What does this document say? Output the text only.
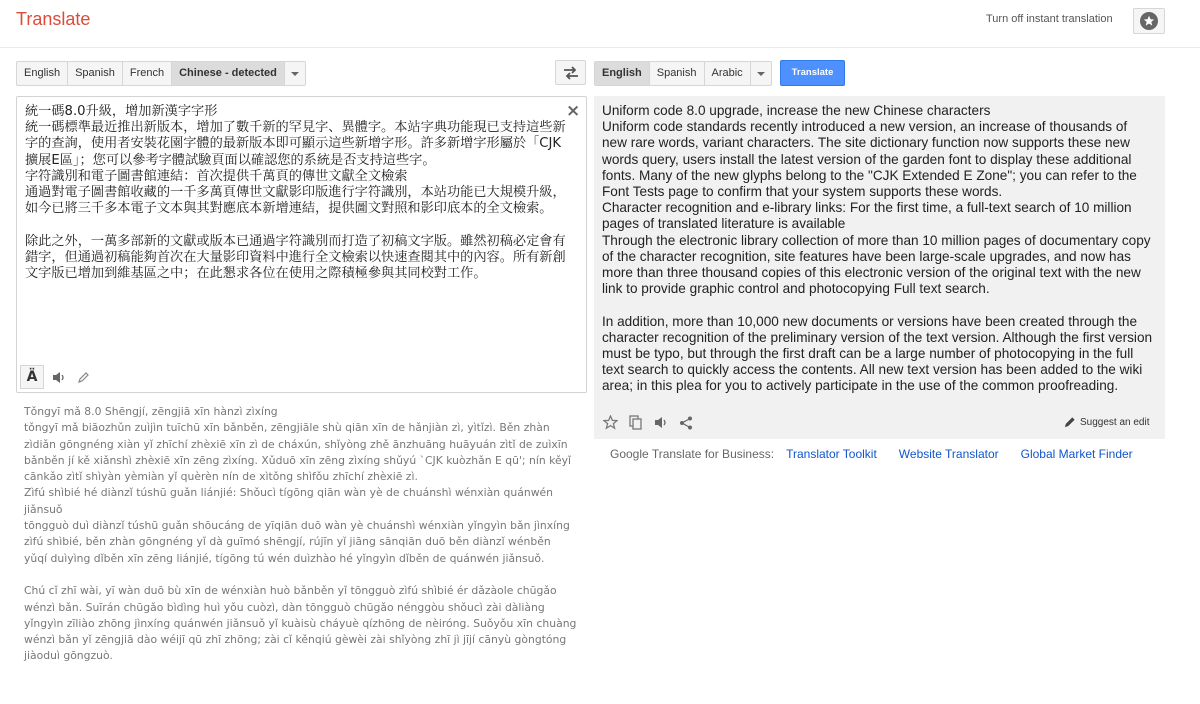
Translate	Turn off instant translation
English	Spanish	French	Chinese - detected	English	Spanish	Arabic	Translate
統一碼8.0升級，增加新漢字字形
統一碼標準最近推出新版本，增加了數千新的罕見字、異體字。本站字典功能現已支持這些新字的查詢，使用者安裝花園字體的最新版本即可顯示這些新增字形。許多新增字形屬於「CJK擴展E區」；您可以參考字體試驗頁面以確認您的系統是否支持這些字。
字符識別和電子圖書館連結：首次提供千萬頁的傳世文獻全文檢索
通過對電子圖書館收藏的一千多萬頁傳世文獻影印版進行字符識別，本站功能已大規模升級，如今已將三千多本電子文本與其對應底本新增連結，提供圖文對照和影印底本的全文檢索。

除此之外，一萬多部新的文獻或版本已通過字符識別而打造了初稿文字版。雖然初稿必定會有錯字，但通過初稿能夠首次在大量影印資料中進行全文檢索以快速查閱其中的內容。所有新創文字版已增加到維基區之中；在此懇求各位在使用之際積極參與其同校對工作。
×
Ä
Tǒngyī mǎ 8.0 Shēngjí, zēngjiā xīn hànzì zìxíng
tǒngyī mǎ biāozhǔn zuìjìn tuīchū xīn bǎnběn, zēngjiāle shù qiān xīn de hǎnjiàn zì, yìtǐzì. Běn zhàn zìdiǎn gōngnéng xiàn yǐ zhīchí zhèxiē xīn zì de cháxún, shǐyòng zhě ānzhuāng huāyuán zìtǐ de zuìxīn bǎnběn jí kě xiǎnshì zhèxiē xīn zēng zìxíng. Xǔduō xīn zēng zìxíng shǔyú `CJK kuòzhǎn E qū'; nín kěyǐ cānkǎo zìtǐ shìyàn yèmiàn yǐ quèrèn nín de xìtǒng shìfǒu zhīchí zhèxiē zì.
Zìfú shìbié hé diànzǐ túshū guǎn liánjié: Shǒucì tígōng qiān wàn yè de chuánshì wénxiàn quánwén jiǎnsuǒ
tōngguò duì diànzǐ túshū guǎn shōucáng de yīqiān duō wàn yè chuánshì wénxiàn yǐngyìn bǎn jìnxíng zìfú shìbié, běn zhàn gōngnéng yǐ dà guīmó shēngjí, rújīn yǐ jiāng sānqiān duō běn diànzǐ wénběn yǔqí duìyìng dǐběn xīn zēng liánjié, tígōng tú wén duìzhào hé yǐngyìn dǐběn de quánwén jiǎnsuǒ.

Chú cǐ zhī wài, yī wàn duō bù xīn de wénxiàn huò bǎnběn yǐ tōngguò zìfú shìbié ér dǎzàole chūgǎo wénzì bǎn. Suīrán chūgǎo bìdìng huì yǒu cuòzì, dàn tōngguò chūgǎo nénggòu shǒucì zài dàliàng yǐngyìn zīliào zhōng jìnxíng quánwén jiǎnsuǒ yǐ kuàisù cháyuè qízhōng de nèiróng. Suǒyǒu xīn chuàng wénzì bǎn yǐ zēngjiā dào wéijī qū zhī zhōng; zài cǐ kěnqiú gèwèi zài shǐyòng zhī jì jījí cānyù gòngtóng jiàoduì gōngzuò.
Uniform code 8.0 upgrade, increase the new Chinese characters
Uniform code standards recently introduced a new version, an increase of thousands of new rare words, variant characters. The site dictionary function now supports these new words query, users install the latest version of the garden font to display these additional fonts. Many of the new glyphs belong to the "CJK Extended E Zone"; you can refer to the Font Tests page to confirm that your system supports these words.
Character recognition and e-library links: For the first time, a full-text search of 10 million pages of translated literature is available
Through the electronic library collection of more than 10 million pages of documentary copy of the character recognition, site features have been large-scale upgrades, and now has more than three thousand copies of this electronic version of the original text with the new link to provide graphic control and photocopying Full text search.

In addition, more than 10,000 new documents or versions have been created through the character recognition of the preliminary version of the text version. Although the first version must be typo, but through the first draft can be a large number of photocopying in the full text search to quickly access the contents. All new text version has been added to the wiki area; in this plea for you to actively participate in the use of the common proofreading.
Suggest an edit
Google Translate for Business: Translator Toolkit Website Translator Global Market Finder
